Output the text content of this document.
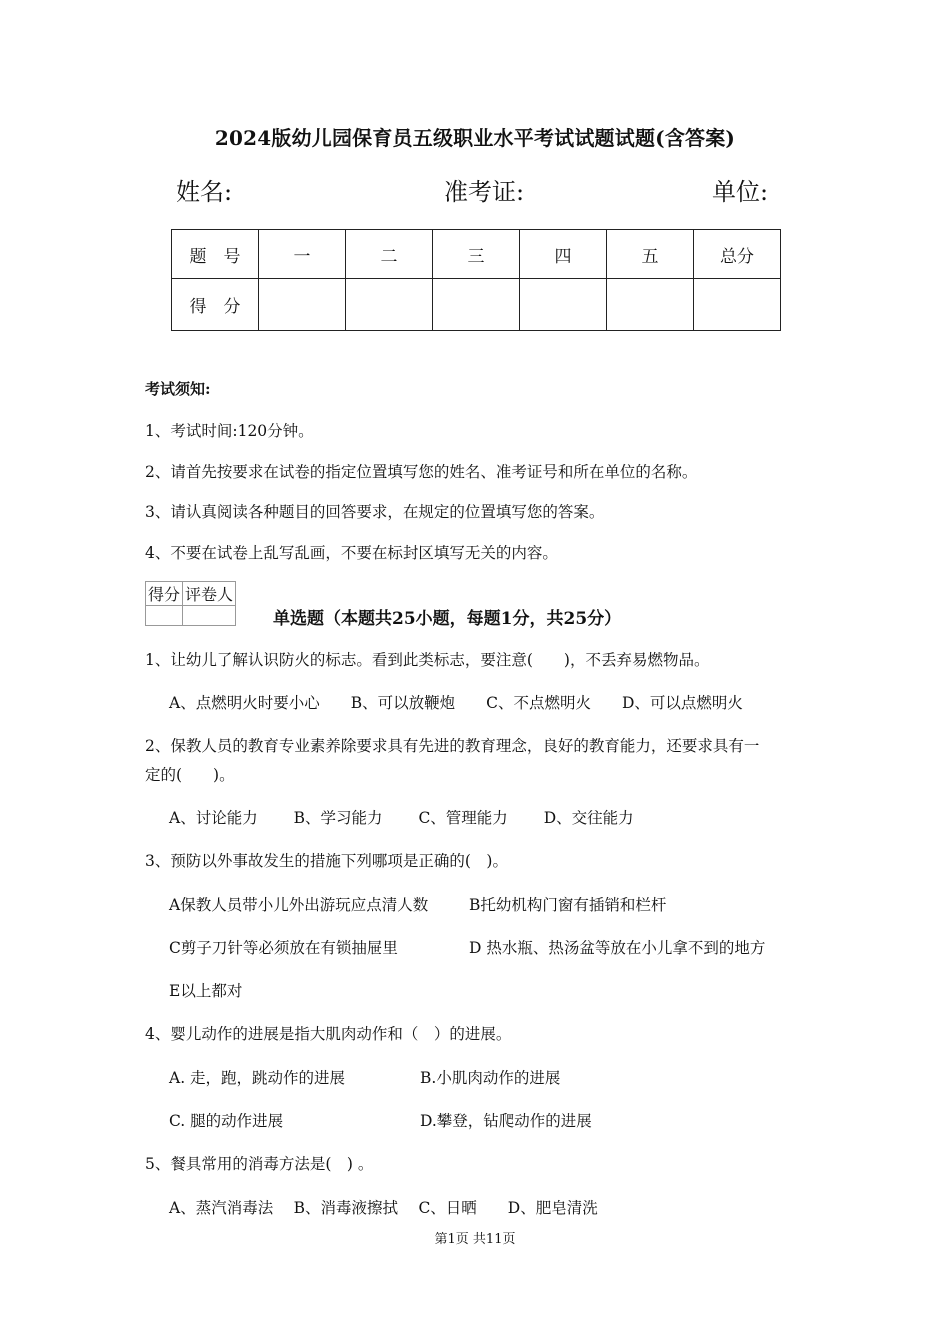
2024版幼儿园保育员五级职业水平考试试题试题(含答案)
姓名:	准考证:	单位:
题　号	一	二	三	四	五	总分
得　分						
考试须知:
1、考试时间:120分钟。
2、请首先按要求在试卷的指定位置填写您的姓名、准考证号和所在单位的名称。
3、请认真阅读各种题目的回答要求，在规定的位置填写您的答案。
4、不要在试卷上乱写乱画，不要在标封区填写无关的内容。
得分	评卷人

单选题（本题共25小题，每题1分，共25分）
1、让幼儿了解认识防火的标志。看到此类标志，要注意(　　)，不丢弃易燃物品。
A、点燃明火时要小心　　B、可以放鞭炮　　C、不点燃明火　　D、可以点燃明火
2、保教人员的教育专业素养除要求具有先进的教育理念，良好的教育能力，还要求具有一
定的(　　)。
A、讨论能力　　 B、学习能力　　 C、管理能力　　 D、交往能力
3、预防以外事故发生的措施下列哪项是正确的(　)。
A保教人员带小儿外出游玩应点清人数	B托幼机构门窗有插销和栏杆
C剪子刀针等必须放在有锁抽屉里	D 热水瓶、热汤盆等放在小儿拿不到的地方
E以上都对
4、婴儿动作的进展是指大肌肉动作和（　）的进展。
A. 走，跑，跳动作的进展	B.小肌肉动作的进展
C. 腿的动作进展	D.攀登，钻爬动作的进展
5、餐具常用的消毒方法是(　) 。
A、蒸汽消毒法　 B、消毒液擦拭　 C、日晒　　D、肥皂清洗
第1页 共11页
